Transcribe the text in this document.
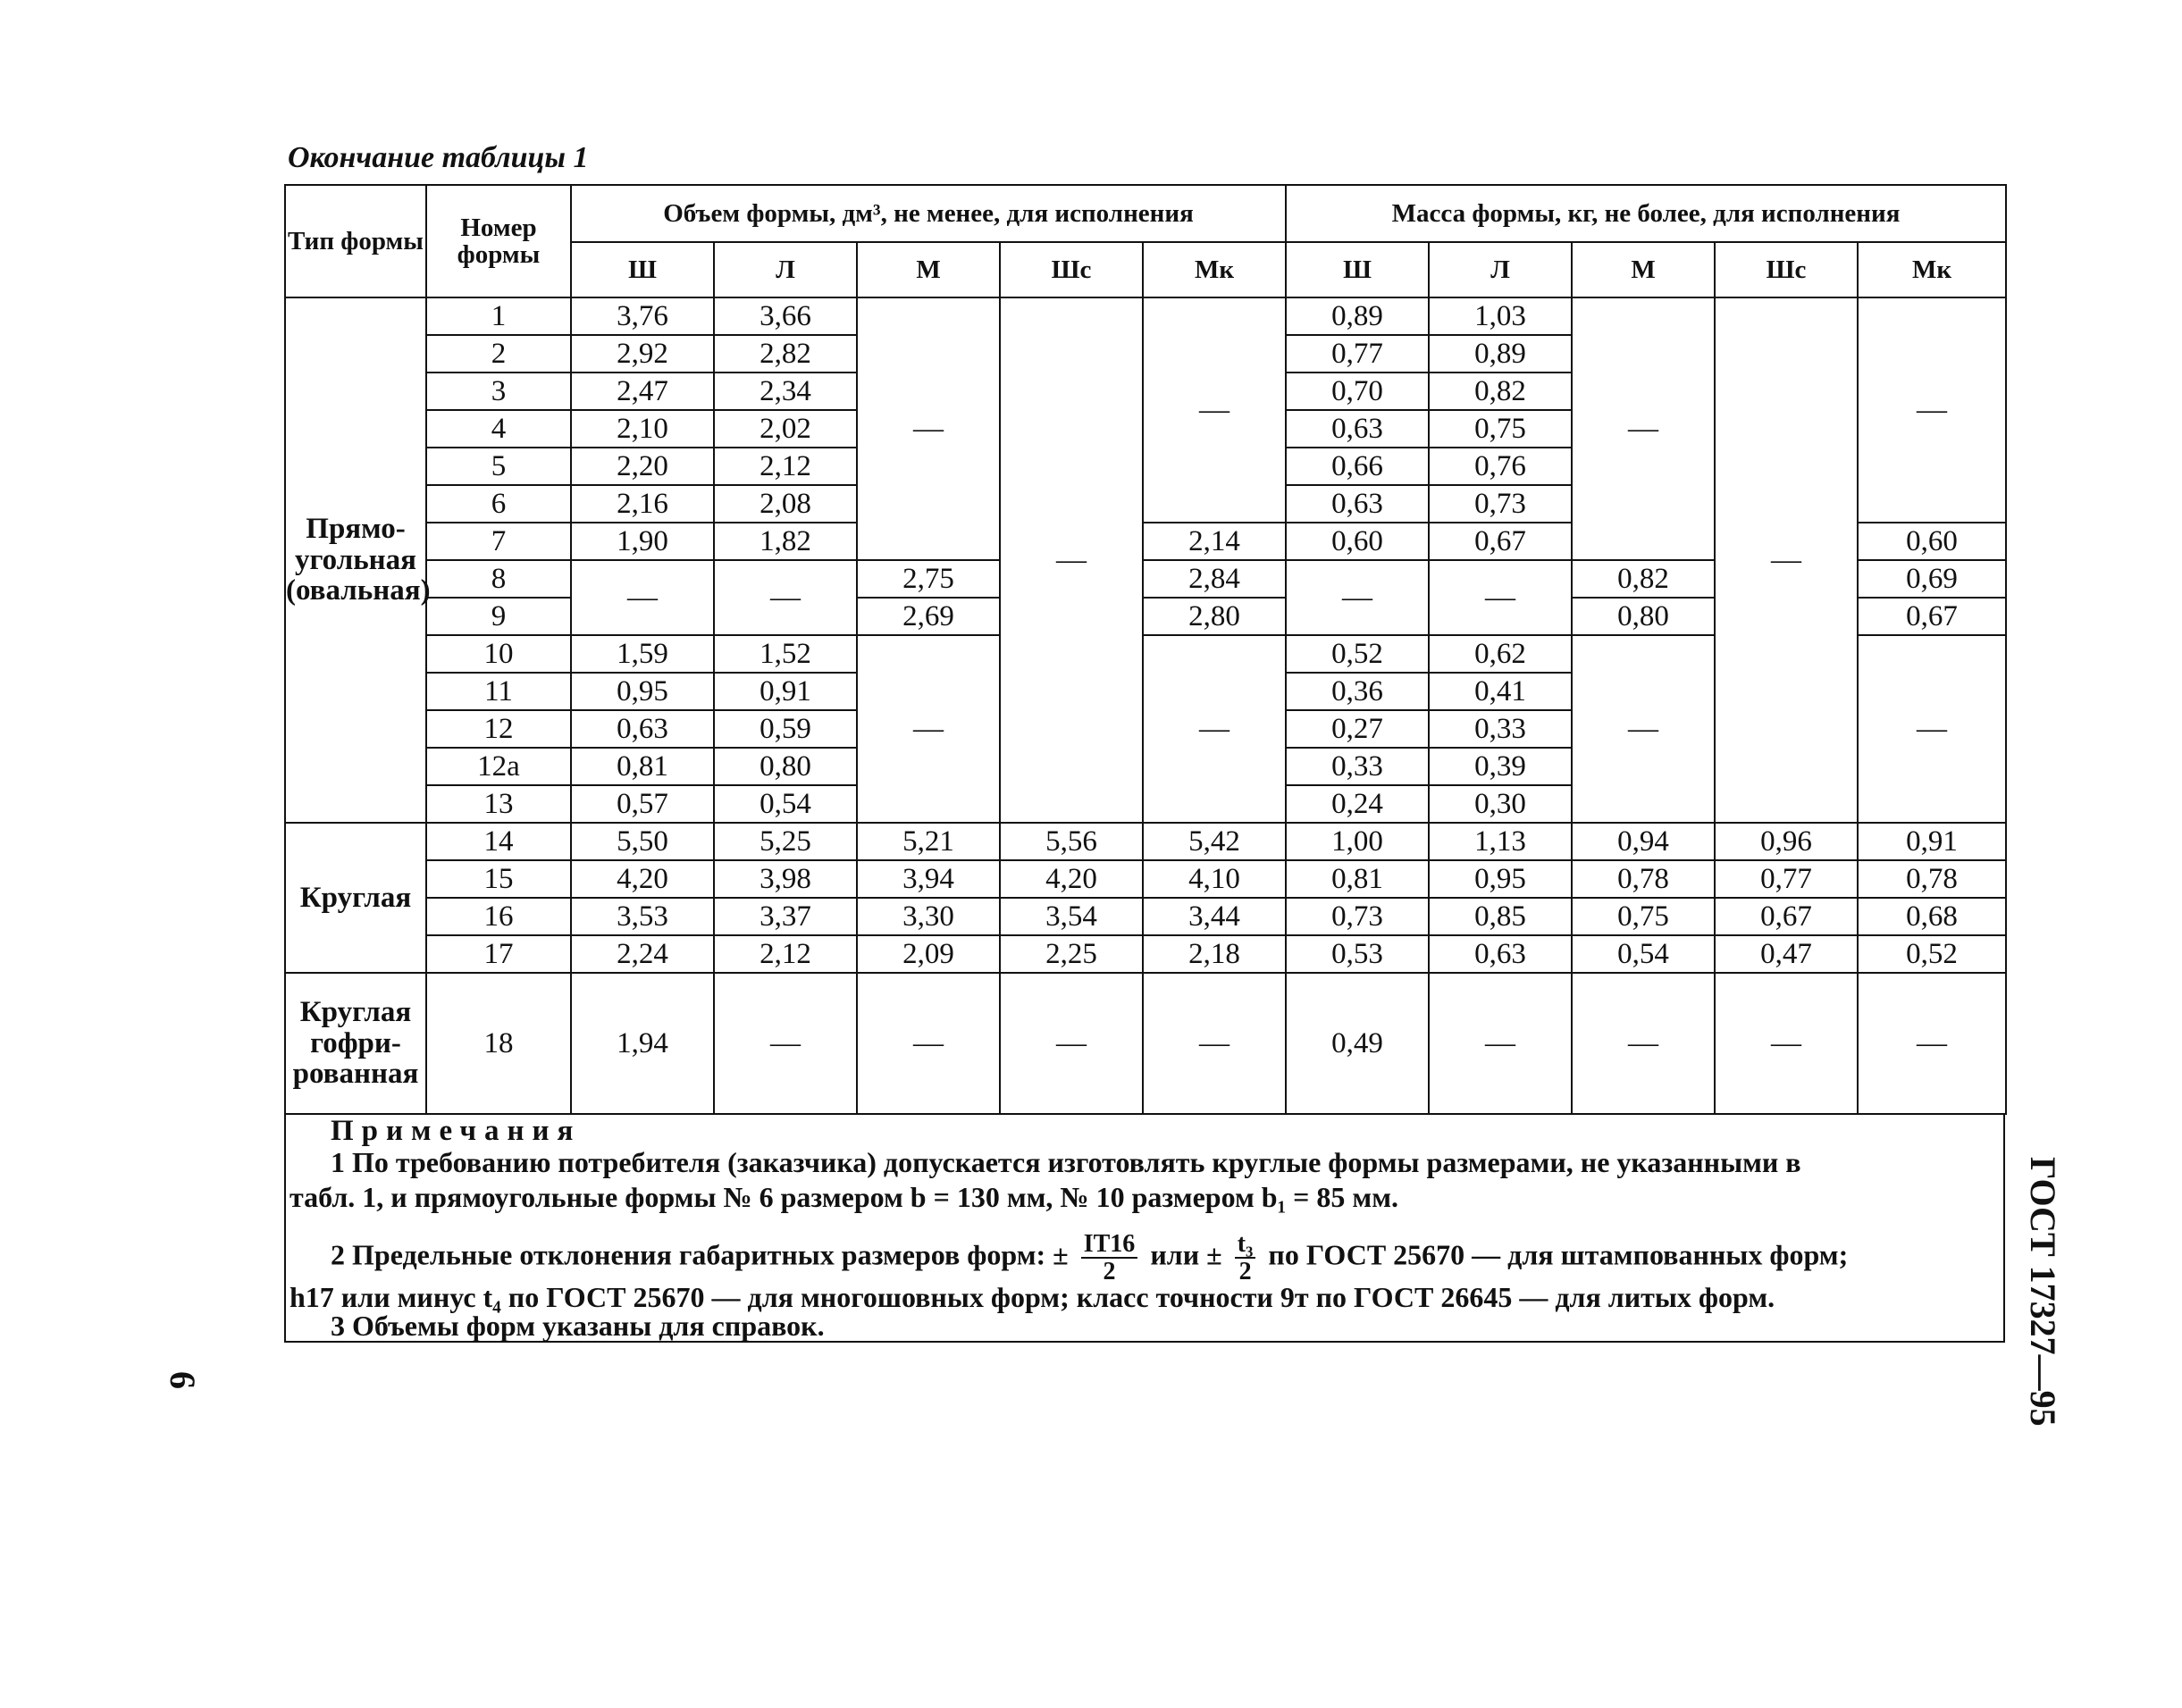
Окончание таблицы 1
Тип формы	Номер формы	Объем формы, дм³, не менее, для исполнения					Масса формы, кг, не более, для исполнения				
		Ш	Л	М	Шс	Мк	Ш	Л	М	Шс	Мк
Прямо-угольная (овальная)	1	3,76	3,66	—	—	—	0,89	1,03	—	—	—
	2	2,92	2,82				0,77	0,89			
	3	2,47	2,34				0,70	0,82			
	4	2,10	2,02				0,63	0,75			
	5	2,20	2,12				0,66	0,76			
	6	2,16	2,08				0,63	0,73			
	7	1,90	1,82			2,14	0,60	0,67			0,60
	8	—	—	2,75		2,84	—	—	0,82		0,69
	9			2,69		2,80			0,80		0,67
	10	1,59	1,52	—		—	0,52	0,62	—		—
	11	0,95	0,91				0,36	0,41			
	12	0,63	0,59				0,27	0,33			
	12а	0,81	0,80				0,33	0,39			
	13	0,57	0,54				0,24	0,30			
Круглая	14	5,50	5,25	5,21	5,56	5,42	1,00	1,13	0,94	0,96	0,91
	15	4,20	3,98	3,94	4,20	4,10	0,81	0,95	0,78	0,77	0,78
	16	3,53	3,37	3,30	3,54	3,44	0,73	0,85	0,75	0,67	0,68
	17	2,24	2,12	2,09	2,25	2,18	0,53	0,63	0,54	0,47	0,52
Круглая гофри-рованная	18	1,94	—	—	—	—	0,49	—	—	—	—
Примечания
1 По требованию потребителя (заказчика) допускается изготовлять круглые формы размерами, не указанными в
табл. 1, и прямоугольные формы № 6 размером b = 130 мм, № 10 размером b₁ = 85 мм.
2 Предельные отклонения габаритных размеров форм: ± $\frac{IT16}{2}$ или ± $\frac{\text{t₃}}{2}$ по ГОСТ 25670 — для штампованных форм;
h17 или минус t₄ по ГОСТ 25670 — для многошовных форм; класс точности 9т по ГОСТ 26645 — для литых форм.
3 Объемы форм указаны для справок.	ГОСТ 17327—95
6
